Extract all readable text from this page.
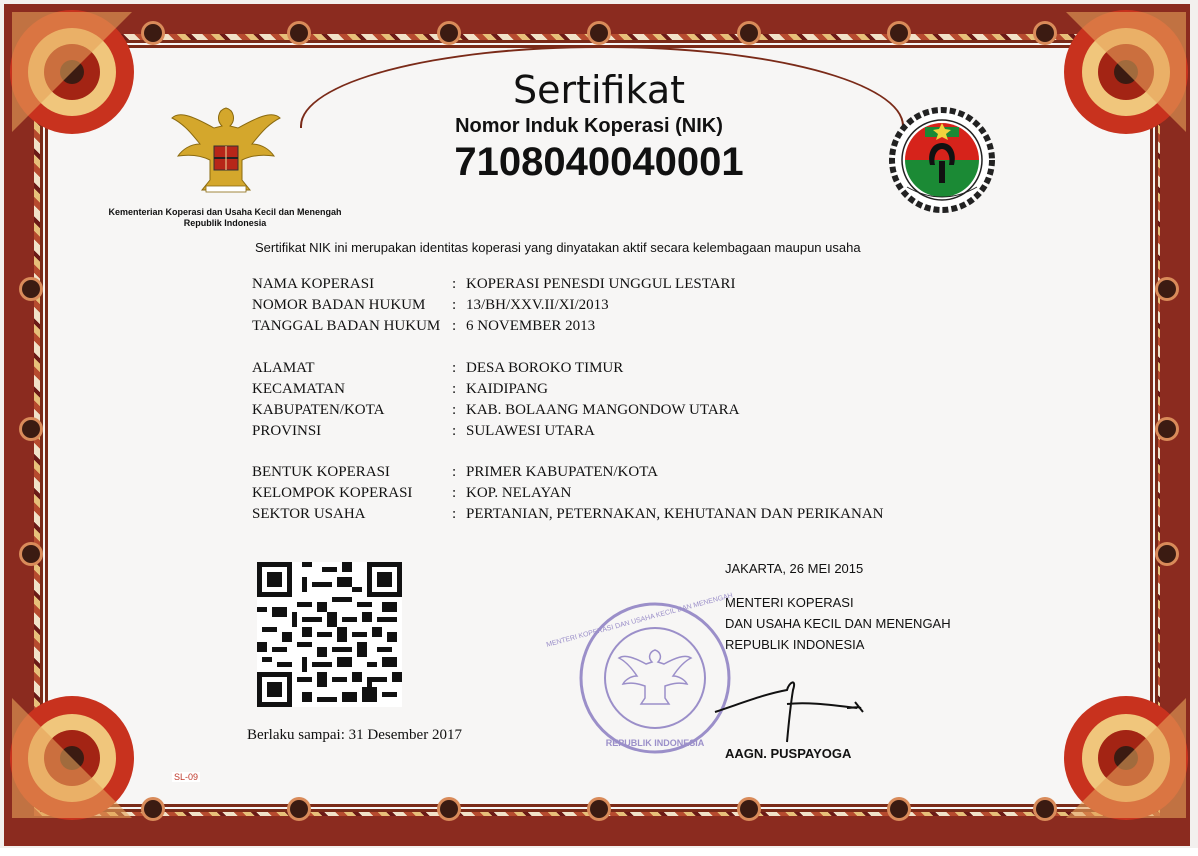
Sertifikat
Nomor Induk Koperasi (NIK)
7108040040001
Kementerian Koperasi dan Usaha Kecil dan Menengah
Republik Indonesia
Sertifikat NIK ini merupakan identitas koperasi yang dinyatakan aktif secara kelembagaan maupun usaha
NAMA KOPERASI	: KOPERASI PENESDI UNGGUL LESTARI
NOMOR BADAN HUKUM	: 13/BH/XXV.II/XI/2013
TANGGAL BADAN HUKUM : 6 NOVEMBER 2013
ALAMAT	: DESA BOROKO TIMUR
KECAMATAN	: KAIDIPANG
KABUPATEN/KOTA	: KAB. BOLAANG MANGONDOW UTARA
PROVINSI	: SULAWESI UTARA
BENTUK KOPERASI	: PRIMER KABUPATEN/KOTA
KELOMPOK KOPERASI	: KOP. NELAYAN
SEKTOR USAHA	: PERTANIAN, PETERNAKAN, KEHUTANAN DAN PERIKANAN
Berlaku sampai: 31 Desember 2017
MENTERI KOPERASI DAN USAHA KECIL DAN MENENGAH
REPUBLIK INDONESIA
JAKARTA, 26 MEI 2015
MENTERI KOPERASI
DAN USAHA KECIL DAN MENENGAH
REPUBLIK INDONESIA
AAGN. PUSPAYOGA
SL-09
